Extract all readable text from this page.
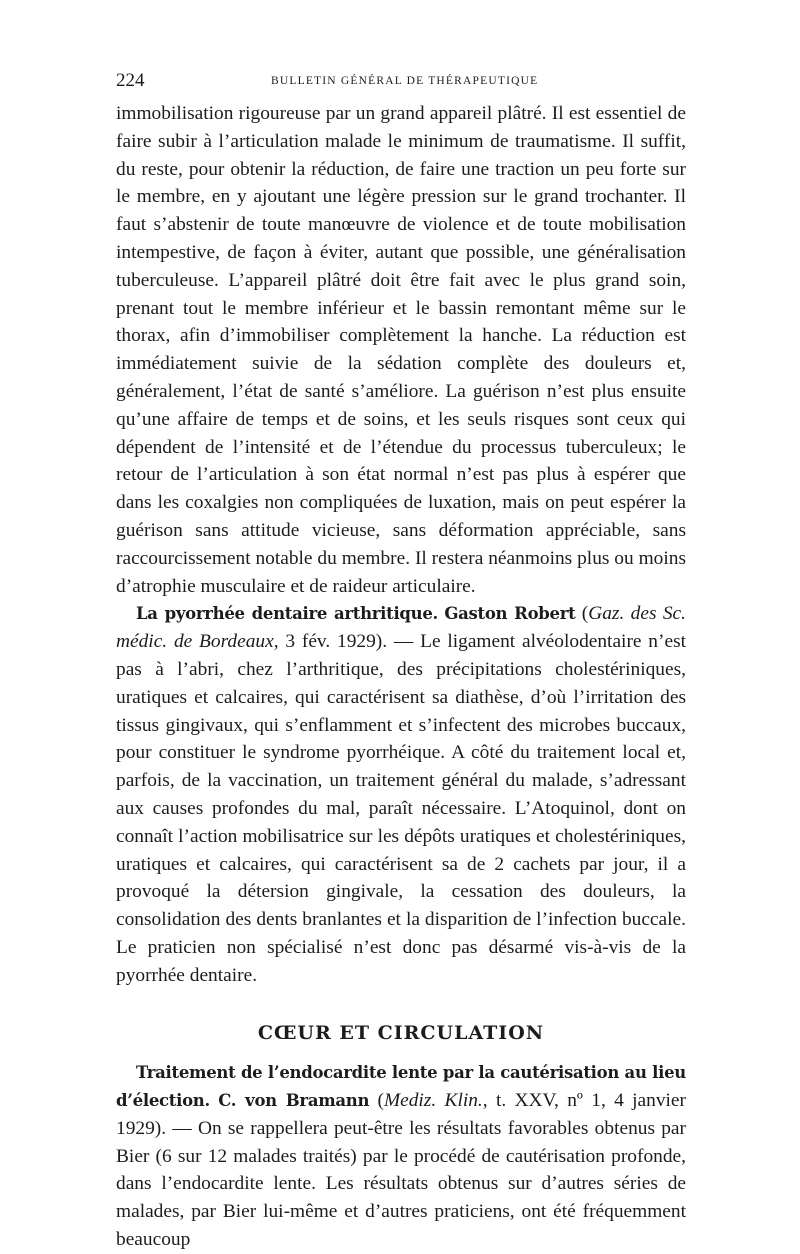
224	BULLETIN GÉNÉRAL DE THÉRAPEUTIQUE

immobilisation rigoureuse par un grand appareil plâtré. Il est essentiel de faire subir à l’articulation malade le minimum de traumatisme. Il suffit, du reste, pour obtenir la réduction, de faire une traction un peu forte sur le membre, en y ajoutant une légère pression sur le grand trochanter. Il faut s’abstenir de toute manœuvre de violence et de toute mobilisation intempestive, de façon à éviter, autant que possible, une généralisation tuberculeuse. L’appareil plâtré doit être fait avec le plus grand soin, prenant tout le membre inférieur et le bassin remontant même sur le thorax, afin d’immobiliser complètement la hanche. La réduction est immédiatement suivie de la sédation complète des douleurs et, généralement, l’état de santé s’améliore. La guérison n’est plus ensuite qu’une affaire de temps et de soins, et les seuls risques sont ceux qui dépendent de l’intensité et de l’étendue du processus tuberculeux; le retour de l’articulation à son état normal n’est pas plus à espérer que dans les coxalgies non compliquées de luxation, mais on peut espérer la guérison sans attitude vicieuse, sans déformation appréciable, sans raccourcissement notable du membre. Il restera néanmoins plus ou moins d’atrophie musculaire et de raideur articulaire.

La pyorrhée dentaire arthritique. Gaston Robert (Gaz. des Sc. médic. de Bordeaux, 3 fév. 1929). — Le ligament alvéolodentaire n’est pas à l’abri, chez l’arthritique, des précipitations cholestériniques, uratiques et calcaires, qui caractérisent sa diathèse, d’où l’irritation des tissus gingivaux, qui s’enflamment et s’infectent des microbes buccaux, pour constituer le syndrome pyorrhéique. A côté du traitement local et, parfois, de la vaccination, un traitement général du malade, s’adressant aux causes profondes du mal, paraît nécessaire. L’Atoquinol, dont on connaît l’action mobilisatrice sur les dépôts uratiques et cholestériniques, uratiques et calcaires, qui caractérisent sa de 2 cachets par jour, il a provoqué la détersion gingivale, la cessation des douleurs, la consolidation des dents branlantes et la disparition de l’infection buccale. Le praticien non spécialisé n’est donc pas désarmé vis-à-vis de la pyorrhée dentaire.

CŒUR ET CIRCULATION

Traitement de l’endocardite lente par la cautérisation au lieu d’élection. C. von Bramann (Mediz. Klin., t. XXV, nº 1, 4 janvier 1929). — On se rappellera peut-être les résultats favorables obtenus par Bier (6 sur 12 malades traités) par le procédé de cautérisation profonde, dans l’endocardite lente. Les résultats obtenus sur d’autres séries de malades, par Bier lui-même et d’autres praticiens, ont été fréquemment beaucoup
